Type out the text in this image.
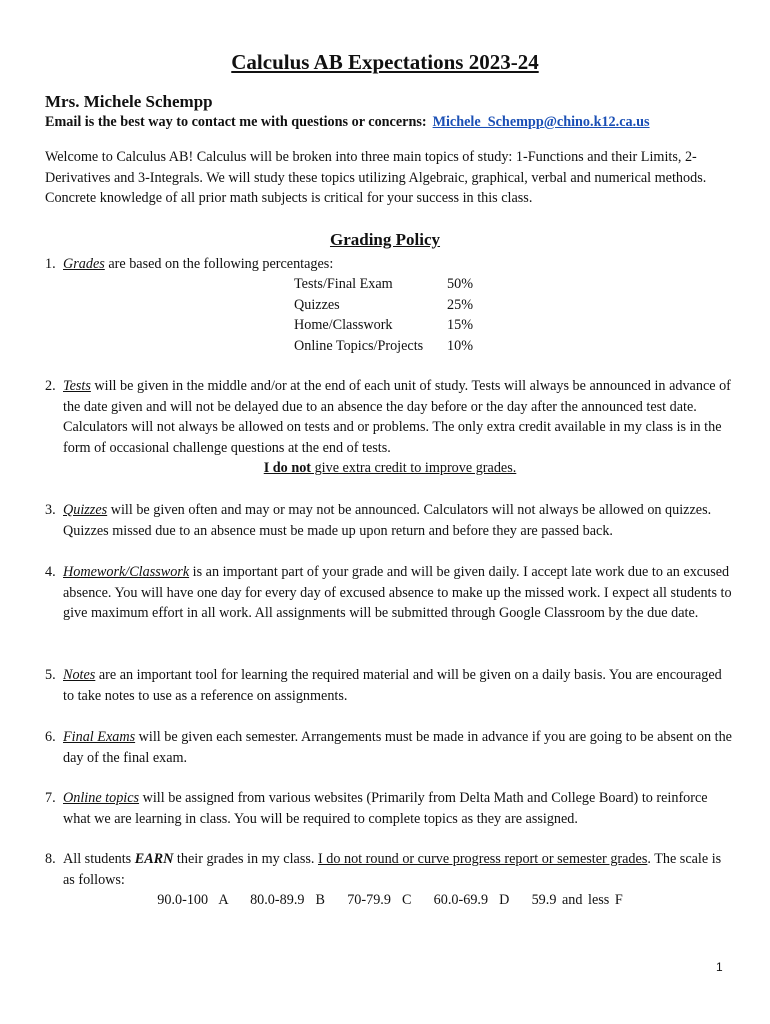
Calculus AB Expectations 2023-24
Mrs. Michele Schempp
Email is the best way to contact me with questions or concerns: Michele_Schempp@chino.k12.ca.us
Welcome to Calculus AB! Calculus will be broken into three main topics of study: 1-Functions and their Limits, 2-Derivatives and 3-Integrals. We will study these topics utilizing Algebraic, graphical, verbal and numerical methods. Concrete knowledge of all prior math subjects is critical for your success in this class.
Grading Policy
1. Grades are based on the following percentages:
Tests/Final Exam	50%
Quizzes	25%
Home/Classwork	15%
Online Topics/Projects	10%
2. Tests will be given in the middle and/or at the end of each unit of study. Tests will always be announced in advance of the date given and will not be delayed due to an absence the day before or the day after the announced test date. Calculators will not always be allowed on tests and or problems. The only extra credit available in my class is in the form of occasional challenge questions at the end of tests.
I do not give extra credit to improve grades.
3. Quizzes will be given often and may or may not be announced. Calculators will not always be allowed on quizzes. Quizzes missed due to an absence must be made up upon return and before they are passed back.
4. Homework/Classwork is an important part of your grade and will be given daily. I accept late work due to an excused absence. You will have one day for every day of excused absence to make up the missed work. I expect all students to give maximum effort in all work. All assignments will be submitted through Google Classroom by the due date.
5. Notes are an important tool for learning the required material and will be given on a daily basis. You are encouraged to take notes to use as a reference on assignments.
6. Final Exams will be given each semester. Arrangements must be made in advance if you are going to be absent on the day of the final exam.
7. Online topics will be assigned from various websites (Primarily from Delta Math and College Board) to reinforce what we are learning in class. You will be required to complete topics as they are assigned.
8. All students EARN their grades in my class. I do not round or curve progress report or semester grades. The scale is as follows:
90.0-100  A    80.0-89.9  B    70-79.9  C    60.0-69.9  D    59.9 and less F
1
